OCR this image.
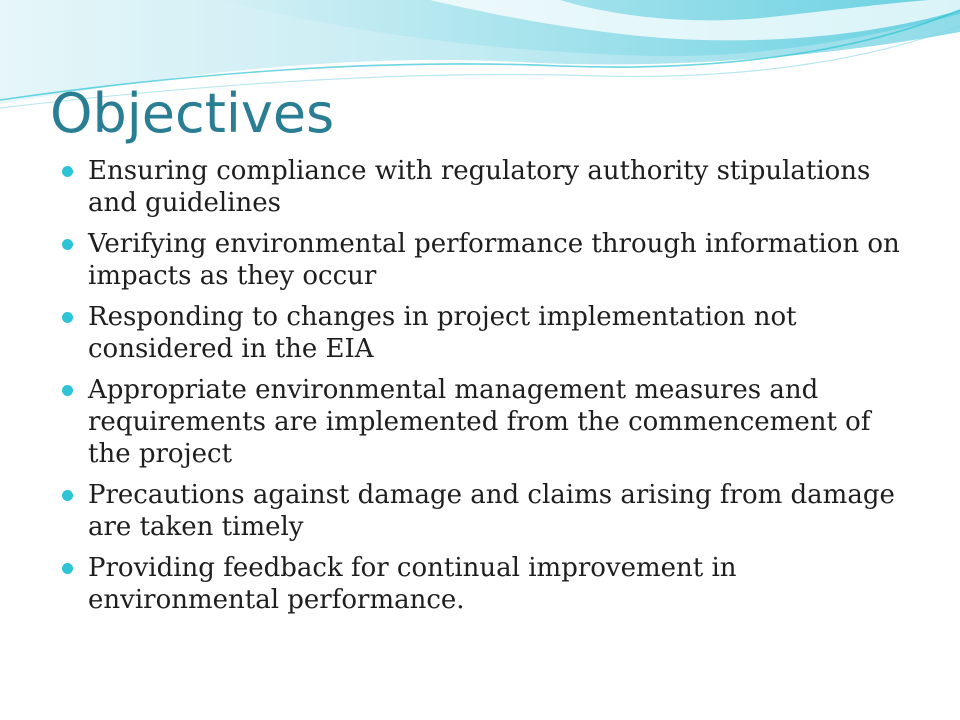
Objectives
Ensuring compliance with regulatory authority stipulations and guidelines
Verifying environmental performance through information on impacts as they occur
Responding to changes in project implementation not considered in the EIA
Appropriate environmental management measures and requirements are implemented from the commencement of the project
Precautions against damage and claims arising from damage are taken timely
Providing feedback for continual improvement in environmental performance.
